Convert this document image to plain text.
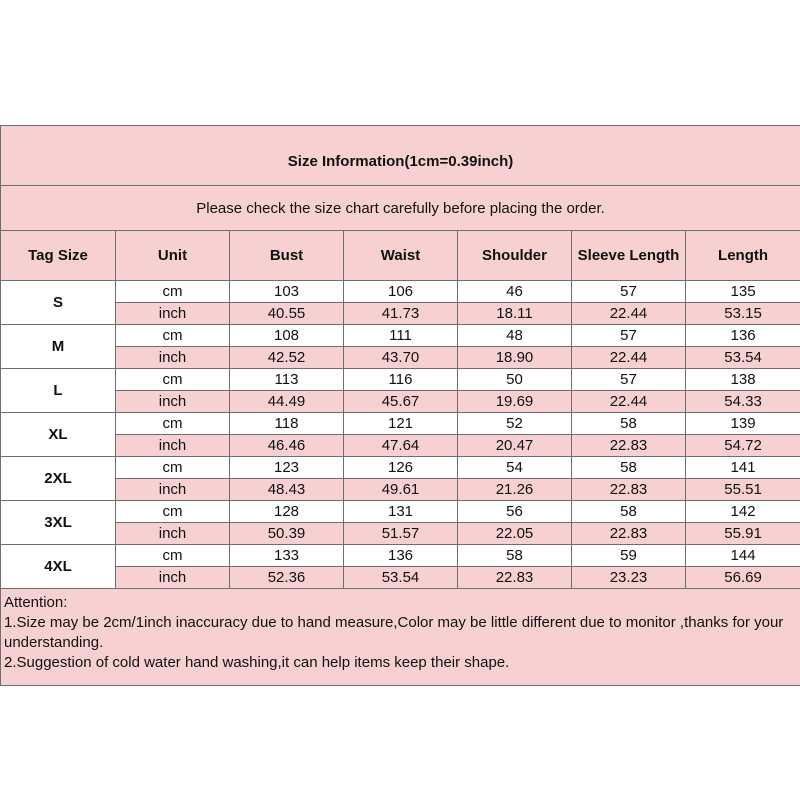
Size Information(1cm=0.39inch)						
Please check the size chart carefully before placing the order.						
Tag Size	Unit	Bust	Waist	Shoulder	Sleeve Length	Length
S	cm	103	106	46	57	135
	inch	40.55	41.73	18.11	22.44	53.15
M	cm	108	111	48	57	136
	inch	42.52	43.70	18.90	22.44	53.54
L	cm	113	116	50	57	138
	inch	44.49	45.67	19.69	22.44	54.33
XL	cm	118	121	52	58	139
	inch	46.46	47.64	20.47	22.83	54.72
2XL	cm	123	126	54	58	141
	inch	48.43	49.61	21.26	22.83	55.51
3XL	cm	128	131	56	58	142
	inch	50.39	51.57	22.05	22.83	55.91
4XL	cm	133	136	58	59	144
	inch	52.36	53.54	22.83	23.23	56.69

Attention:
1.Size may be 2cm/1inch inaccuracy due to hand measure,Color may be little different due to monitor ,thanks for your understanding.
2.Suggestion of cold water hand washing,it can help items keep their shape.						
